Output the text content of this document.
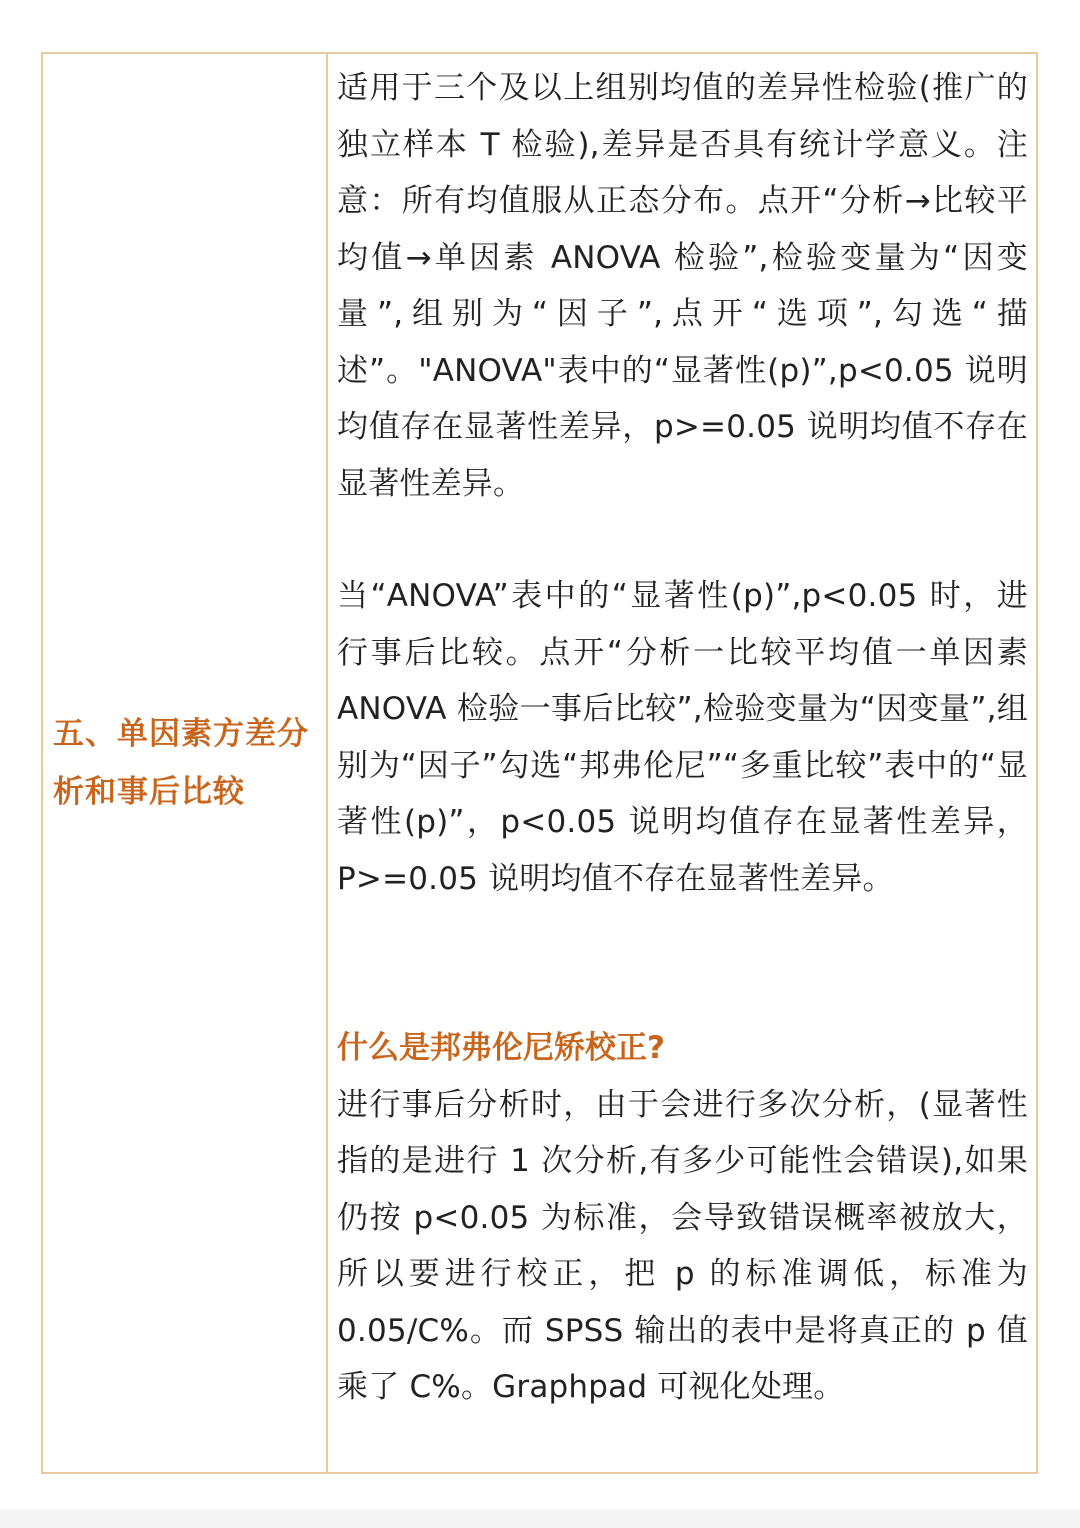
五、单因素方差分析和事后比较

适用于三个及以上组别均值的差异性检验(推广的独立样本 T 检验),差异是否具有统计学意义。注意：所有均值服从正态分布。点开“分析→比较平均值→单因素 ANOVA 检验”,检验变量为“因变量”,组别为“因子”,点开“选项”,勾选“描述”。"ANOVA"表中的“显著性(p)”,p<0.05 说明均值存在显著性差异，p>=0.05 说明均值不存在显著性差异。

当“ANOVA”表中的“显著性(p)”,p<0.05 时，进行事后比较。点开“分析一比较平均值一单因素 ANOVA 检验一事后比较”,检验变量为“因变量”,组别为“因子”勾选“邦弗伦尼”“多重比较”表中的“显著性(p)”，p<0.05 说明均值存在显著性差异，P>=0.05 说明均值不存在显著性差异。

什么是邦弗伦尼矫校正?

进行事后分析时，由于会进行多次分析，(显著性指的是进行 1 次分析,有多少可能性会错误),如果仍按 p<0.05 为标准，会导致错误概率被放大，所以要进行校正，把 p 的标准调低，标准为 0.05/C%。而 SPSS 输出的表中是将真正的 p 值乘了 C%。Graphpad 可视化处理。
